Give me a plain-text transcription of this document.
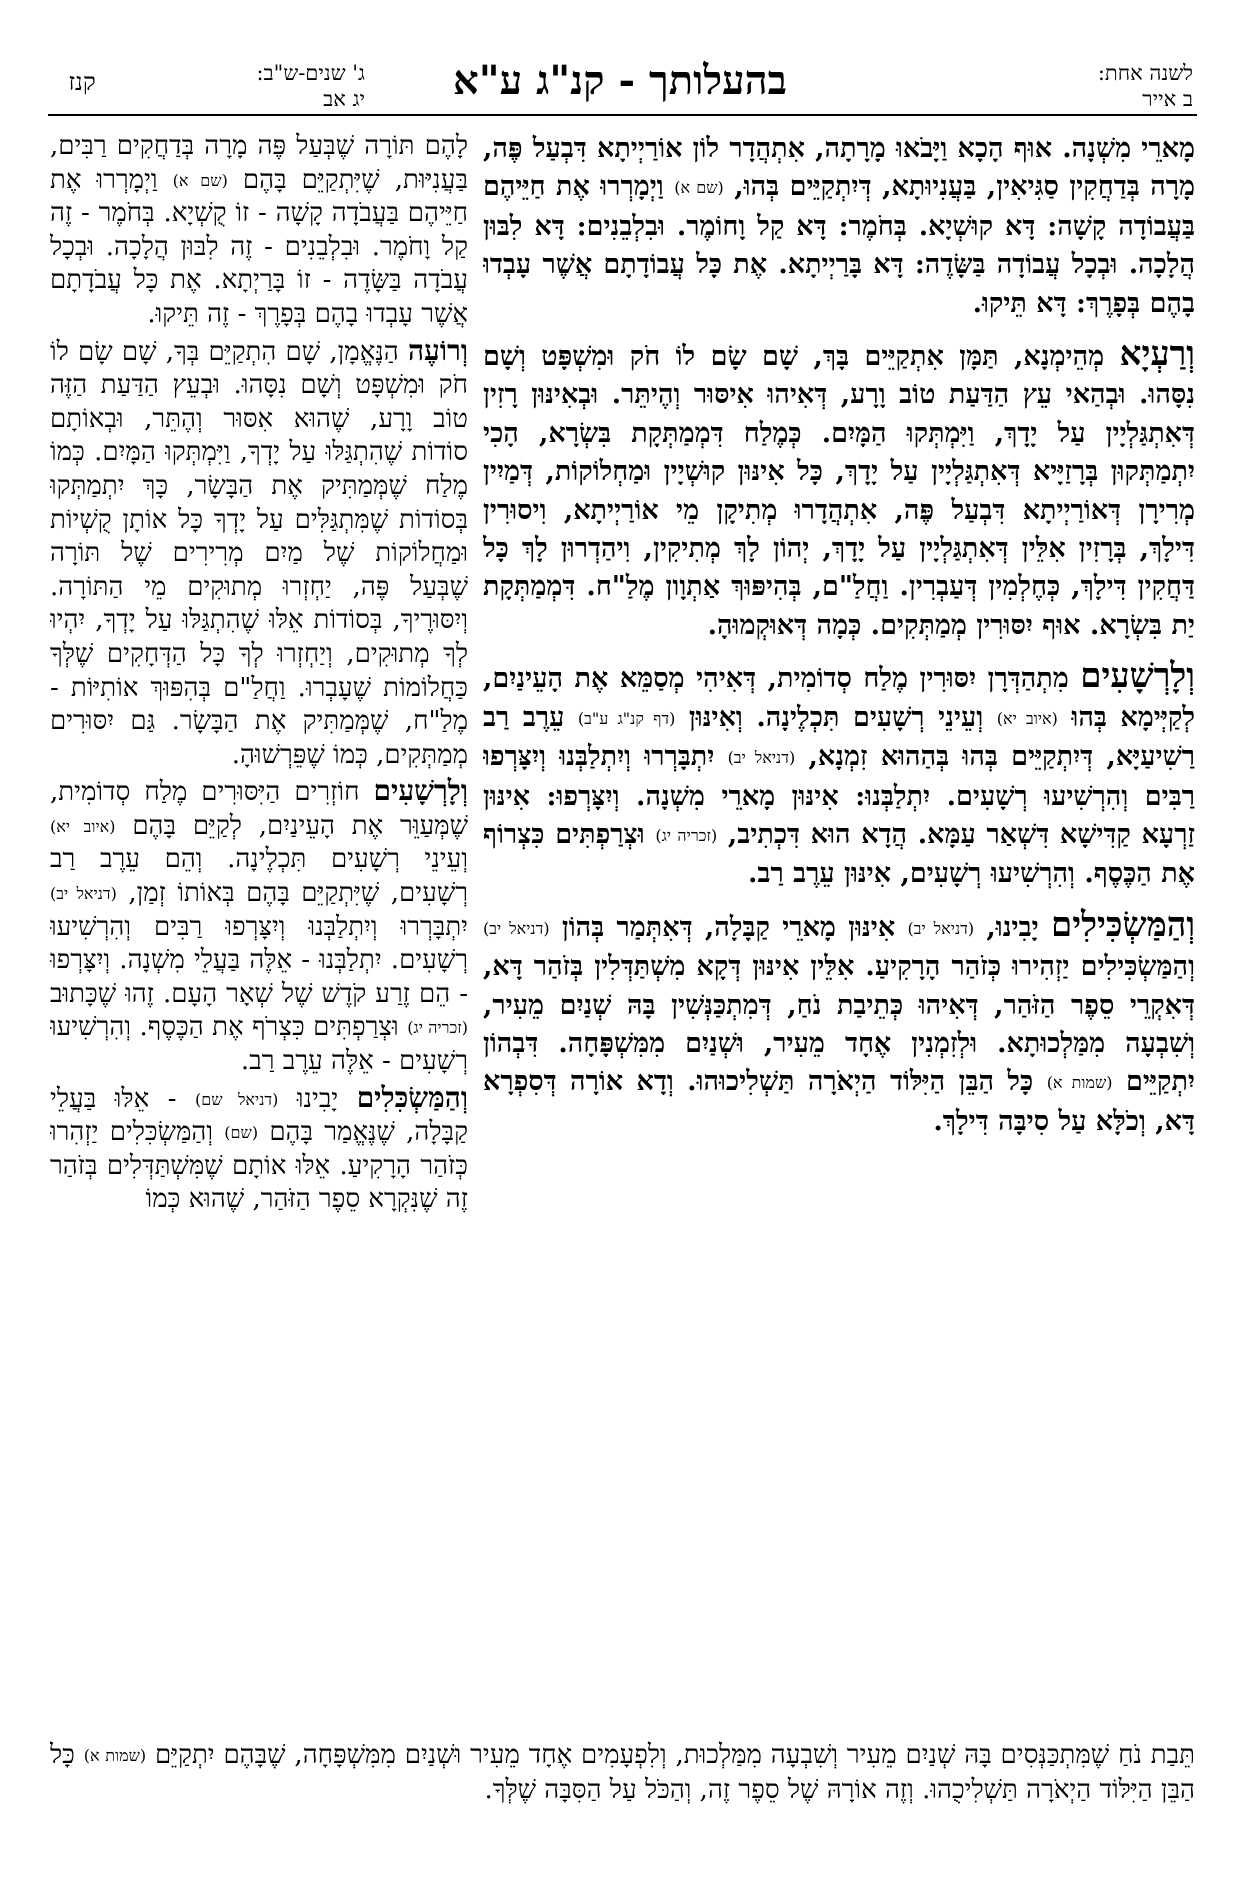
לשנה אחת:
ב אייר
בהעלותך - קנ"ג ע"א
ג' שנים-ש"ב:
יג אב
קנז

מָארֵי מִשְׁנָה. אוּף הָכָא וַיָּבֹאוּ מָרָתָה, אִתְהֲדָר לוֹן אוֹרַיְיתָא דִּבְעַל פֶּה, מָרָה בְּדַחֲקִין סַגִּיאִין, בַּעֲנִיוּתָא, דְּיִתְקַיֵּים בְּהוּ, (שם א) וַיְמָרְרוּ אֶת חַיֵּיהֶם בַּעֲבוֹדָה קָשָׁה: דָּא קוּשְׁיָא. בְּחֹמֶר: דָּא קַל וָחוֹמֶר. וּבִלְבֵנִים: דָּא לִבּוּן הֲלָכָה. וּבְכָל עֲבוֹדָה בַּשָּׂדֶה: דָּא בָּרַיְיתָא. אֶת כָּל עֲבוֹדָתָם אֲשֶׁר עָבְדוּ בָהֶם בְּפָרֶךְ: דָּא תֵּיקוּ.

וְרַעְיָא מְהֵימְנָא, תַּמָּן אִתְקַיֵּים בָּךְ, שָׁם שָׂם לוֹ חֹק וּמִשְׁפָּט וְשָׁם נִסָּהוּ. וּבְהַאי עֵץ הַדַּעַת טוֹב וָרָע, דְּאִיהוּ אִיסּוּר וְהֶיתֵּר. וּבְאִינּוּן רָזִין דְּאִתְגַּלְיָין עַל יָדָךְ, וַיִּמְתְּקוּ הַמָּיִם. כְּמֶלַח דִּמְמַתְּקָת בִּשְׂרָא, הָכִי יִתְמַתְּקוּן בְּרָזַיָּיא דְּאִתְגַּלְיָין עַל יָדָךְ, כָּל אִינּוּן קוּשְׁיָין וּמַחְלוֹקוֹת, דְּמַיִין מְרִירָן דְּאוֹרַיְיתָא דִּבְעַל פֶּה, אִתְהֲדָרוּ מְתִיקָן מֵי אוֹרַיְיתָא, וִיסוּרִין דִּילָךְ, בְּרָזִין אִלֵּין דְּאִתְגַּלְיָין עַל יָדָךְ, יְהוֹן לָךְ מְתִיקִין, וִיהַדְרוּן לָךְ כָּל דַּחֲקִין דִּילָךְ, כְּחֶלְמִין דְּעַבְרִין. וַחֲלַ"ם, בְּהִיפּוּךְ אַתְוָון מֶלַ"ח. דִּמְמַתְּקָת יַת בִּשְׂרָא. אוּף יִסּוּרִין מְמַתְּקִים. כְּמָה דְּאוּקְמוּהָ.

וְלָרְשָׁעִים מִתְהַדְּרָן יִסּוּרִין מֶלַח סְדוֹמִית, דְּאִיהִי מְסַמֵּא אֶת הָעֵינַיִם, לְקַיְּימָא בְּהוּ (איוב יא) וְעֵינֵי רְשָׁעִים תִּכְלֶינָה. וְאִינּוּן (דף קנ"ג ע"ב) עֵרֶב רַב רַשִׁיעַיָּא, דְּיִתְקַיֵּים בְּהוּ בְּהַהוּא זִמְנָא, (דניאל יב) יִתְבָּרְרוּ וְיִתְלַבְּנוּ וְיִצָּרְפוּ רַבִּים וְהִרְשִׁיעוּ רְשָׁעִים. יִתְלַבְּנוּ: אִינּוּן מָארֵי מִשְׁנָה. וְיִצָּרְפוּ: אִינּוּן זַרְעָא קַדִּישָׁא דִּשְׁאַר עַמָּא. הֲדָא הוּא דִּכְתִיב, (זכריה יג) וּצְרַפְתִּים כִּצְרוֹף אֶת הַכֶּסֶף. וְהִרְשִׁיעוּ רְשָׁעִים, אִינּוּן עֵרֶב רַב.

וְהַמַּשְׂכִּילִים יָבִינוּ, (דניאל יב) אִינּוּן מָארֵי קַבָּלָה, דְּאִתְּמַר בְּהוֹן (דניאל יב) וְהַמַּשְׂכִּילִים יַזְהִירוּ כְּזֹהַר הָרָקִיעַ. אִלֵּין אִינּוּן דְּקָא מִשְׁתַּדְּלִין בְּזֹהַר דָּא, דְּאִקְרֵי סֵפֶר הַזֹּהַר, דְּאִיהוּ כְּתֵיבַת נֹחַ, דְּמִתְכַּנְּשִׁין בָּהּ שְׁנַיִם מֵעִיר, וְשִׁבְעָה מִמַּלְכוּתָא. וּלְזִמְנִין אֶחָד מֵעִיר, וּשְׁנַיִם מִמִּשְׁפָּחָה. דִּבְהוֹן יִתְקַיֵּים (שמות א) כָּל הַבֵּן הַיִּלּוֹד הַיְאֹרָה תַּשְׁלִיכוּהוּ. וְדָא אוֹרָה דְּסִפְרָא דָּא, וְכֹלָּא עַל סִיבָּה דִּילָךְ.

לָהֶם תּוֹרָה שֶׁבְּעַל פֶּה מָרָה בְּדַחֲקִים רַבִּים, בַּעֲנִיּוּת, שֶׁיִּתְקַיֵּם בָּהֶם (שם א) וַיְמָרְרוּ אֶת חַיֵּיהֶם בַּעֲבֹדָה קָשָׁה - זוֹ קֻשְׁיָא. בְּחֹמֶר - זֶה קַל וָחֹמֶר. וּבִלְבֵנִים - זֶה לִבּוּן הֲלָכָה. וּבְכָל עֲבֹדָה בַּשָּׂדֶה - זוֹ בָּרַיְתָא. אֶת כָּל עֲבֹדָתָם אֲשֶׁר עָבְדוּ בָהֶם בְּפָרֶךְ - זֶה תֵּיקוּ.

וְרוֹעֶה הַנֶּאֱמָן, שָׁם הִתְקַיֵּם בְּךָ, שָׁם שָׂם לוֹ חֹק וּמִשְׁפָּט וְשָׁם נִסָּהוּ. וּבְעֵץ הַדַּעַת הַזֶּה טוֹב וָרָע, שֶׁהוּא אִסּוּר וְהֶתֵּר, וּבְאוֹתָם סוֹדוֹת שֶׁהִתְגַּלּוּ עַל יָדְךָ, וַיִּמְתְּקוּ הַמָּיִם. כְּמוֹ מֶלַח שֶׁמְּמַתִּיק אֶת הַבָּשָׂר, כָּךְ יִתְמַתְּקוּ בְּסוֹדוֹת שֶׁמִּתְגַּלִּים עַל יָדְךָ כָּל אוֹתָן קֻשְׁיוֹת וּמַחֲלוֹקוֹת שֶׁל מַיִם מְרִירִים שֶׁל תּוֹרָה שֶׁבְּעַל פֶּה, יַחְזְרוּ מְתוּקִים מֵי הַתּוֹרָה. וְיִסּוּרֶיךָ, בְּסוֹדוֹת אֵלּוּ שֶׁהִתְגַּלּוּ עַל יָדְךָ, יִהְיוּ לְךָ מְתוּקִים, וְיַחְזְרוּ לְךָ כָּל הַדְּחָקִים שֶׁלְּךָ כַּחֲלוֹמוֹת שֶׁעָבְרוּ. וַחֲלַ"ם בְּהִפּוּךְ אוֹתִיּוֹת - מֶלַ"ח, שֶׁמְּמַתִּיק אֶת הַבָּשָׂר. גַּם יִסּוּרִים מְמַתְּקִים, כְּמוֹ שֶׁפֵּרְשׁוּהָ.

וְלָרְשָׁעִים חוֹזְרִים הַיִּסּוּרִים מֶלַח סְדוֹמִית, שֶׁמְּעַוֵּר אֶת הָעֵינַיִם, לְקַיֵּם בָּהֶם (איוב יא) וְעֵינֵי רְשָׁעִים תִּכְלֶינָה. וְהֵם עֵרֶב רַב רְשָׁעִים, שֶׁיִּתְקַיֵּם בָּהֶם בְּאוֹתוֹ זְמַן, (דניאל יב) יִתְבָּרְרוּ וְיִתְלַבְּנוּ וְיִצָּרְפוּ רַבִּים וְהִרְשִׁיעוּ רְשָׁעִים. יִתְלַבְּנוּ - אֵלֶּה בַּעֲלֵי מִשְׁנָה. וְיִצָּרְפוּ - הֵם זֶרַע קֹדֶשׁ שֶׁל שְׁאָר הָעָם. זֶהוּ שֶׁכָּתוּב (זכריה יג) וּצְרַפְתִּים כִּצְרֹף אֶת הַכֶּסֶף. וְהִרְשִׁיעוּ רְשָׁעִים - אֵלֶּה עֵרֶב רַב.

וְהַמַּשְׂכִּלִים יָבִינוּ (דניאל שם) - אֵלּוּ בַּעֲלֵי קַבָּלָה, שֶׁנֶּאֱמַר בָּהֶם (שם) וְהַמַּשְׂכִּלִים יַזְהִרוּ כְּזֹהַר הָרָקִיעַ. אֵלּוּ אוֹתָם שֶׁמִּשְׁתַּדְּלִים בְּזֹהַר זֶה שֶׁנִּקְרָא סֵפֶר הַזֹּהַר, שֶׁהוּא כְּמוֹ

תֵּבַת נֹחַ שֶׁמִּתְכַּנְּסִים בָּהּ שְׁנַיִם מֵעִיר וְשִׁבְעָה מִמַּלְכוּת, וְלִפְעָמִים אֶחָד מֵעִיר וּשְׁנַיִם מִמִּשְׁפָּחָה, שֶׁבָּהֶם יִתְקַיֵּם (שמות א) כָּל הַבֵּן הַיִּלּוֹד הַיְאֹרָה תַּשְׁלִיכֻהוּ. וְזֶה אוֹרָהּ שֶׁל סֵפֶר זֶה, וְהַכֹּל עַל הַסִּבָּה שֶׁלְּךָ.
